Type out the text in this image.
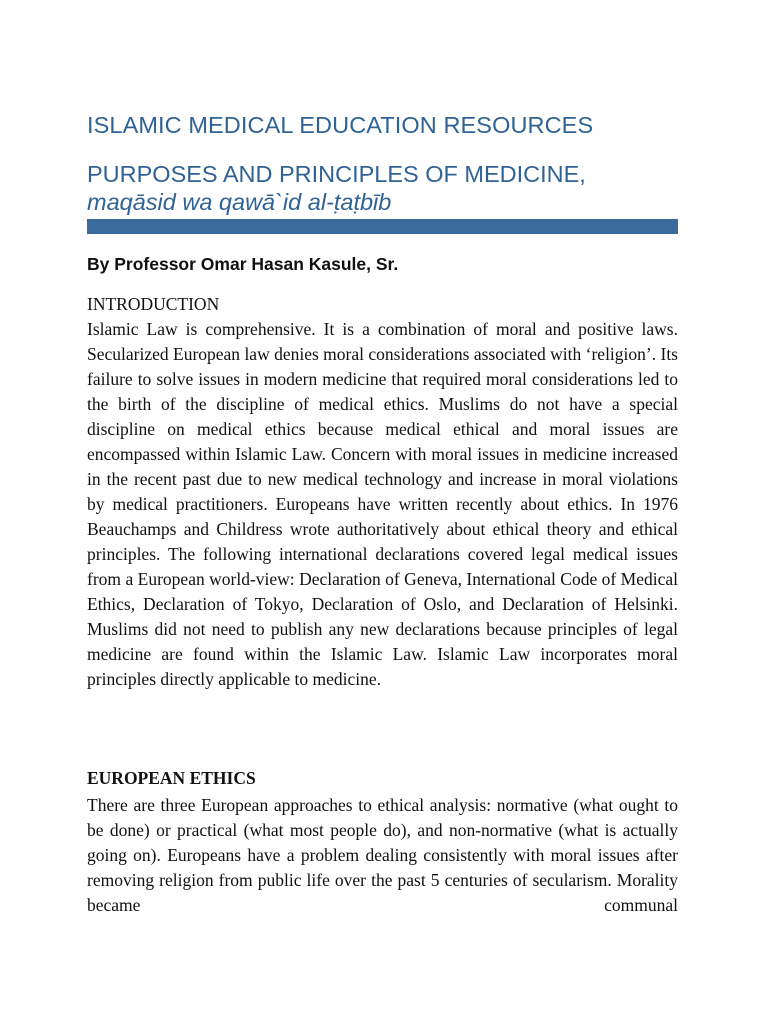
ISLAMIC MEDICAL EDUCATION RESOURCES
PURPOSES AND PRINCIPLES OF MEDICINE,
maqāsid wa qawā`id al-ṭaṭbīb

By Professor Omar Hasan Kasule, Sr.

INTRODUCTION

Islamic Law is comprehensive. It is a combination of moral and positive laws. Secularized European law denies moral considerations associated with ‘religion’. Its failure to solve issues in modern medicine that required moral considerations led to the birth of the discipline of medical ethics. Muslims do not have a special discipline on medical ethics because medical ethical and moral issues are encompassed within Islamic Law. Concern with moral issues in medicine increased in the recent past due to new medical technology and increase in moral violations by medical practitioners. Europeans have written recently about ethics. In 1976 Beauchamps and Childress wrote authoritatively about ethical theory and ethical principles. The following international declarations covered legal medical issues from a European world-view: Declaration of Geneva, International Code of Medical Ethics, Declaration of Tokyo, Declaration of Oslo, and Declaration of Helsinki. Muslims did not need to publish any new declarations because principles of legal medicine are found within the Islamic Law. Islamic Law incorporates moral principles directly applicable to medicine.

EUROPEAN ETHICS

There are three European approaches to ethical analysis: normative (what ought to be done) or practical (what most people do), and non-normative (what is actually going on). Europeans have a problem dealing consistently with moral issues after removing religion from public life over the past 5 centuries of secularism. Morality became communal
